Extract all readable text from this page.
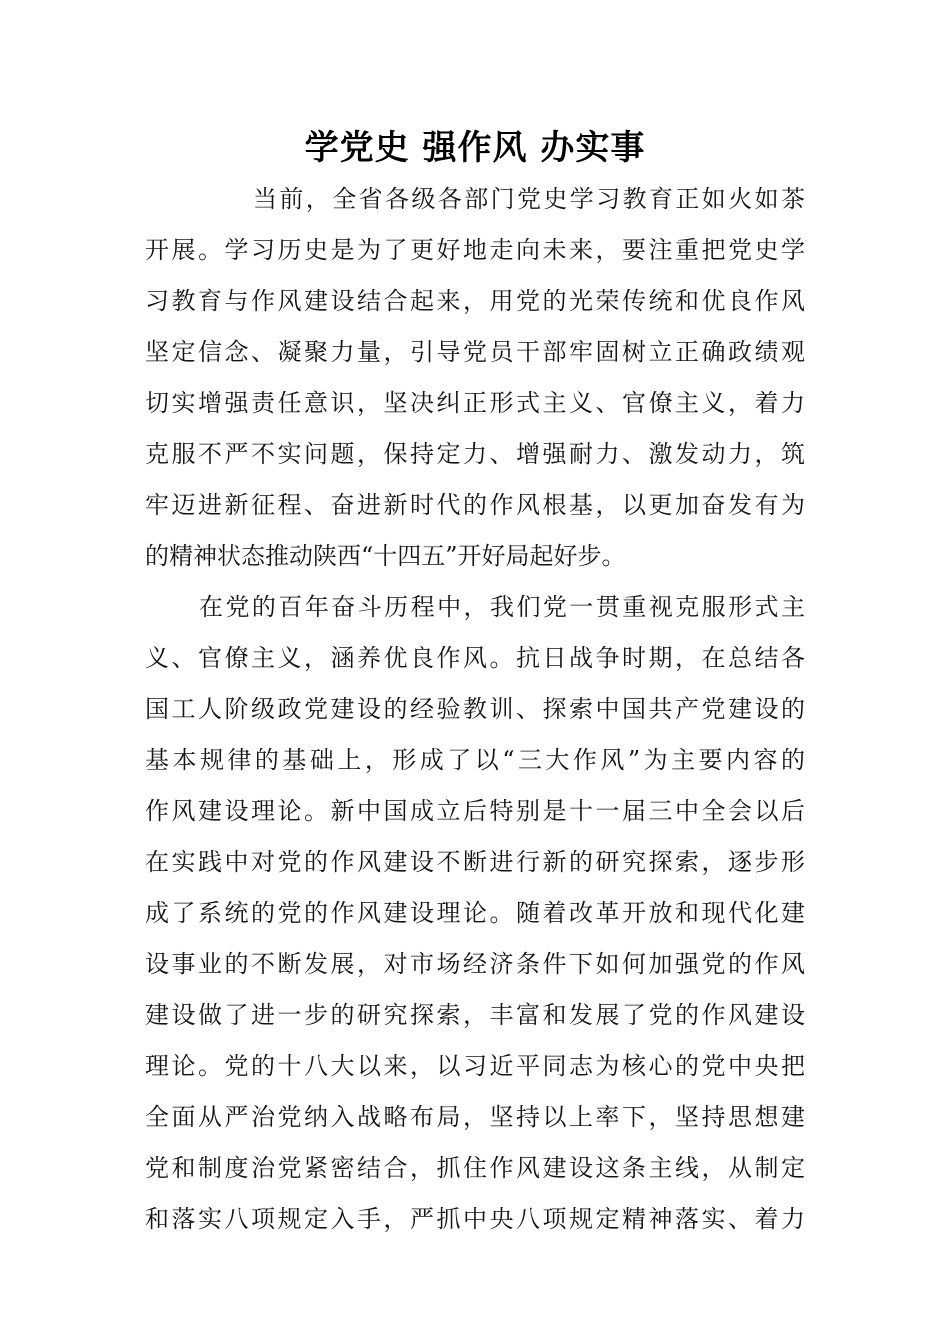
学党史 强作风 办实事
当前，全省各级各部门党史学习教育正如火如茶
开展。学习历史是为了更好地走向未来，要注重把党史学
习教育与作风建设结合起来，用党的光荣传统和优良作风
坚定信念、凝聚力量，引导党员干部牢固树立正确政绩观
切实增强责任意识，坚决纠正形式主义、官僚主义，着力
克服不严不实问题，保持定力、增强耐力、激发动力，筑
牢迈进新征程、奋进新时代的作风根基，以更加奋发有为
的精神状态推动陕西“十四五”开好局起好步。
在党的百年奋斗历程中，我们党一贯重视克服形式主
义、官僚主义，涵养优良作风。抗日战争时期，在总结各
国工人阶级政党建设的经验教训、探索中国共产党建设的
基本规律的基础上，形成了以“三大作风”为主要内容的
作风建设理论。新中国成立后特别是十一届三中全会以后
在实践中对党的作风建设不断进行新的研究探索，逐步形
成了系统的党的作风建设理论。随着改革开放和现代化建
设事业的不断发展，对市场经济条件下如何加强党的作风
建设做了进一步的研究探索，丰富和发展了党的作风建设
理论。党的十八大以来，以习近平同志为核心的党中央把
全面从严治党纳入战略布局，坚持以上率下，坚持思想建
党和制度治党紧密结合，抓住作风建设这条主线，从制定
和落实八项规定入手，严抓中央八项规定精神落实、着力
